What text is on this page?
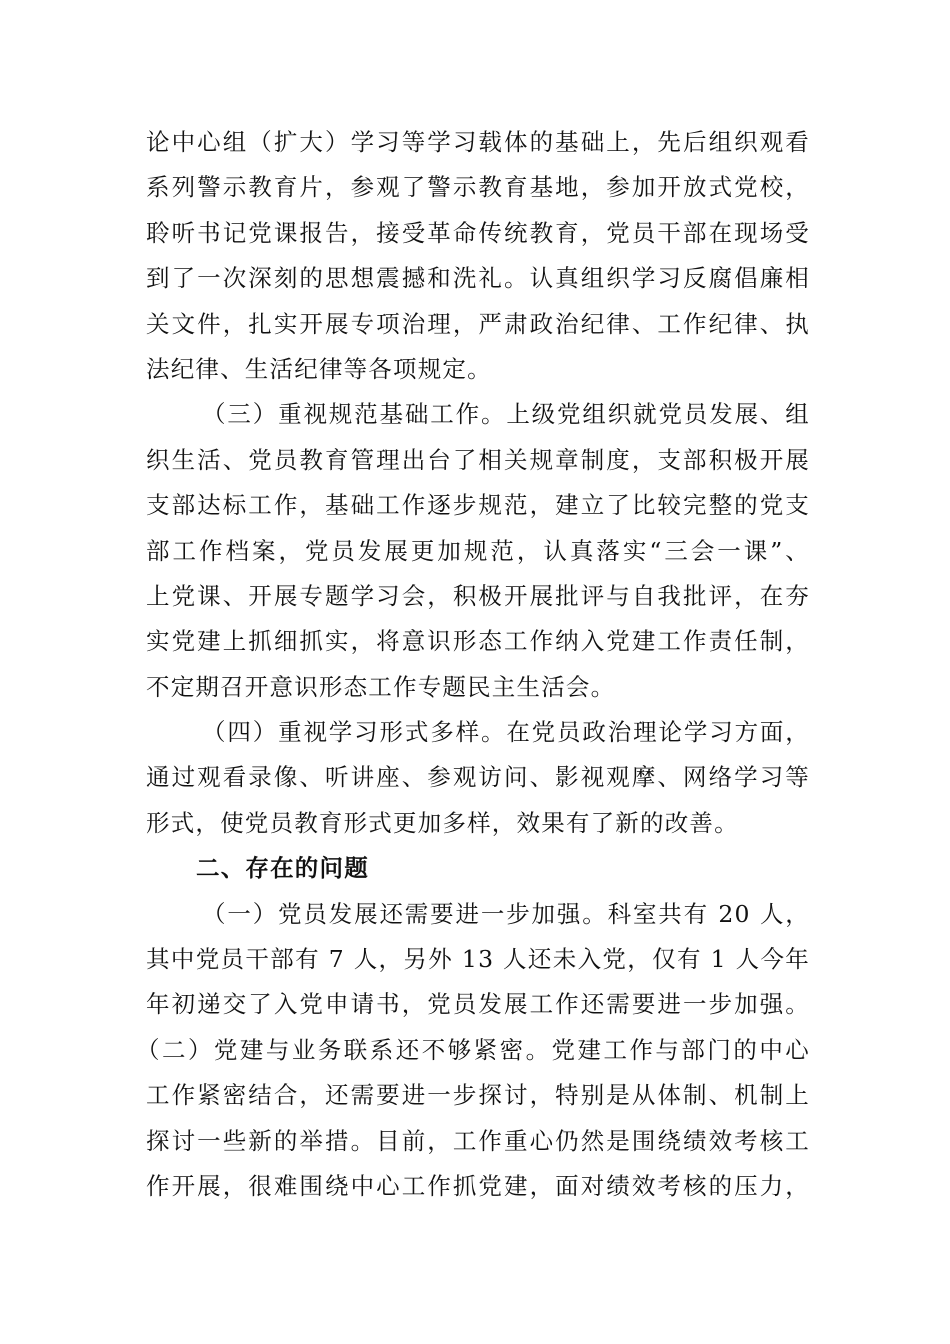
论中心组（扩大）学习等学习载体的基础上，先后组织观看
系列警示教育片，参观了警示教育基地，参加开放式党校，
聆听书记党课报告，接受革命传统教育，党员干部在现场受
到了一次深刻的思想震撼和洗礼。认真组织学习反腐倡廉相
关文件，扎实开展专项治理，严肃政治纪律、工作纪律、执
法纪律、生活纪律等各项规定。
（三）重视规范基础工作。上级党组织就党员发展、组
织生活、党员教育管理出台了相关规章制度，支部积极开展
支部达标工作，基础工作逐步规范，建立了比较完整的党支
部工作档案，党员发展更加规范，认真落实“三会一课”、
上党课、开展专题学习会，积极开展批评与自我批评，在夯
实党建上抓细抓实，将意识形态工作纳入党建工作责任制，
不定期召开意识形态工作专题民主生活会。
（四）重视学习形式多样。在党员政治理论学习方面，
通过观看录像、听讲座、参观访问、影视观摩、网络学习等
形式，使党员教育形式更加多样，效果有了新的改善。
二、存在的问题
（一）党员发展还需要进一步加强。科室共有 20 人，
其中党员干部有 7 人，另外 13 人还未入党，仅有 1 人今年
年初递交了入党申请书，党员发展工作还需要进一步加强。
（二）党建与业务联系还不够紧密。党建工作与部门的中心
工作紧密结合，还需要进一步探讨，特别是从体制、机制上
探讨一些新的举措。目前，工作重心仍然是围绕绩效考核工
作开展，很难围绕中心工作抓党建，面对绩效考核的压力，
